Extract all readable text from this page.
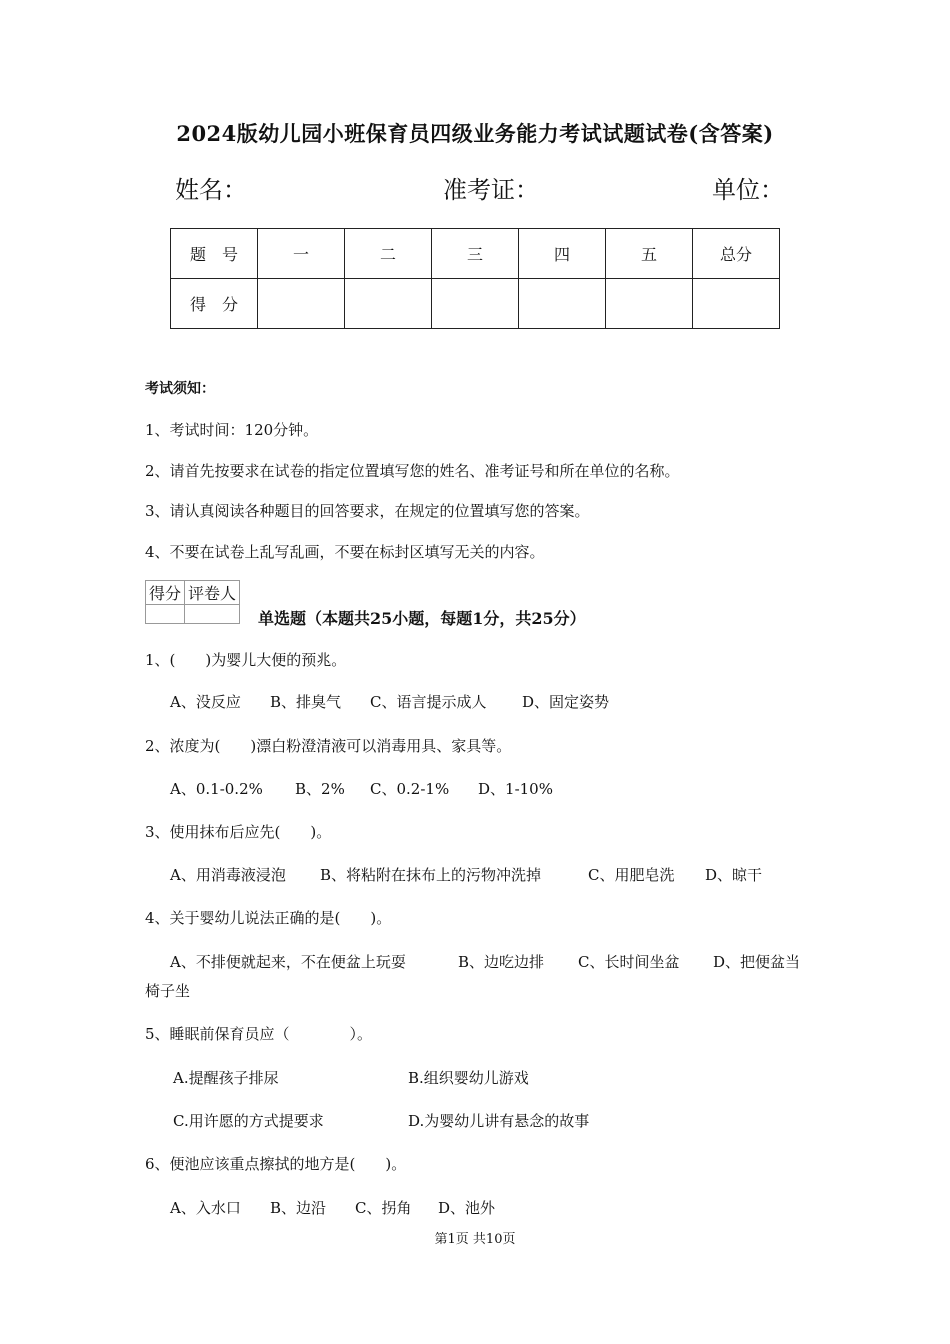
2024版幼儿园小班保育员四级业务能力考试试题试卷(含答案)
姓名：	准考证：	单位：
题　号	一	二	三	四	五	总分
得　分						
考试须知：
1、考试时间：120分钟。
2、请首先按要求在试卷的指定位置填写您的姓名、准考证号和所在单位的名称。
3、请认真阅读各种题目的回答要求，在规定的位置填写您的答案。
4、不要在试卷上乱写乱画，不要在标封区填写无关的内容。
得分	评卷人

单选题（本题共25小题，每题1分，共25分）
1、(　　)为婴儿大便的预兆。
A、没反应 B、排臭气 C、语言提示成人 D、固定姿势
2、浓度为(　　)漂白粉澄清液可以消毒用具、家具等。
A、0.1-0.2% B、2% C、0.2-1% D、1-10%
3、使用抹布后应先(　　)。
A、用消毒液浸泡 B、将粘附在抹布上的污物冲洗掉	C、用肥皂洗 D、晾干
4、关于婴幼儿说法正确的是(　　)。
A、不排便就起来，不在便盆上玩耍	B、边吃边排 C、长时间坐盆 D、把便盆当
椅子坐
5、睡眠前保育员应（　　　　）。
A.提醒孩子排尿	B.组织婴幼儿游戏
C.用许愿的方式提要求	D.为婴幼儿讲有悬念的故事
6、便池应该重点擦拭的地方是(　　)。
A、入水口 B、边沿 C、拐角 D、池外
第1页 共10页
